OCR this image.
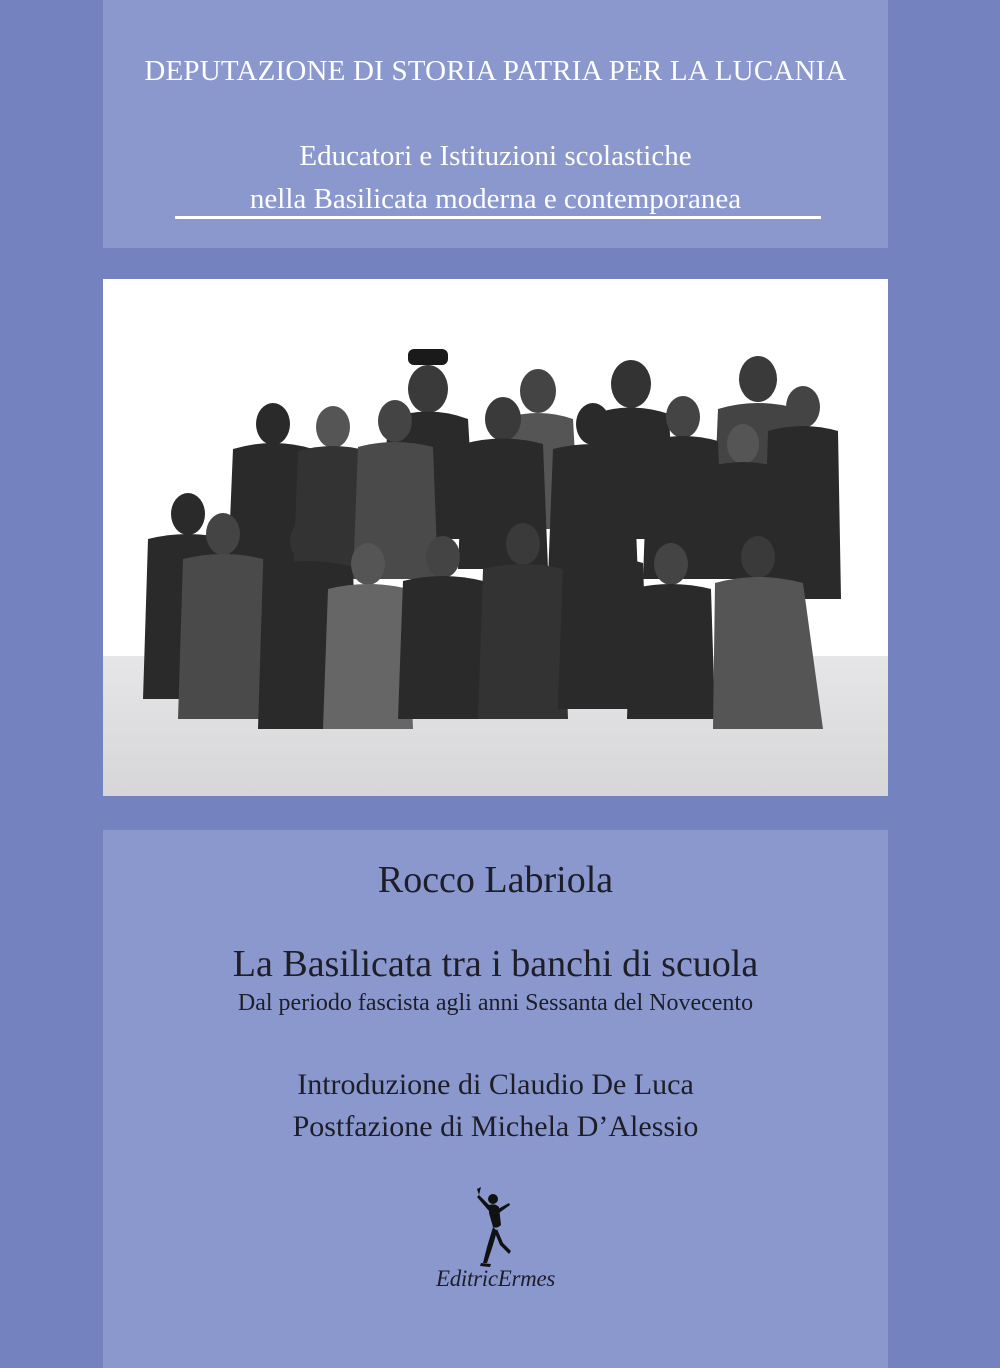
DEPUTAZIONE DI STORIA PATRIA PER LA LUCANIA
Educatori e Istituzioni scolastiche
nella Basilicata moderna e contemporanea
Rocco Labriola
La Basilicata tra i banchi di scuola
Dal periodo fascista agli anni Sessanta del Novecento
Introduzione di Claudio De Luca
Postfazione di Michela D’Alessio
EditricErmes
